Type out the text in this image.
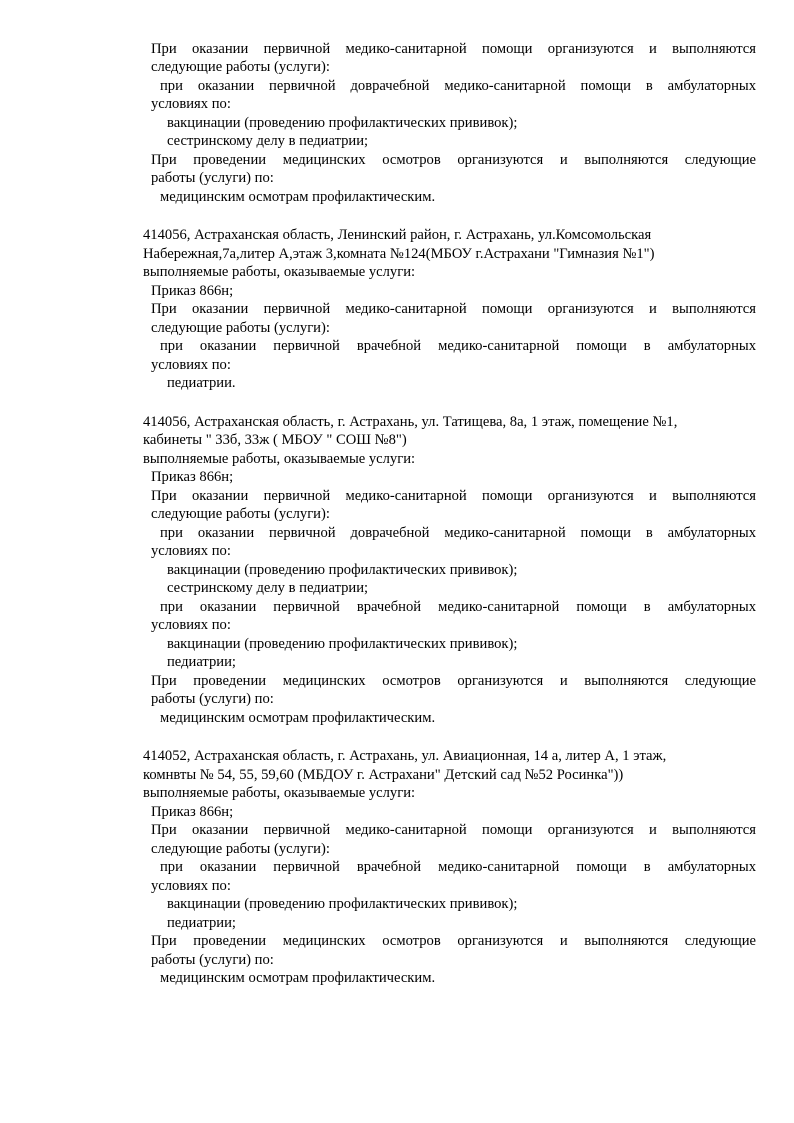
При оказании первичной медико-санитарной помощи организуются и выполняются
следующие работы (услуги):
при оказании первичной доврачебной медико-санитарной помощи в амбулаторных
условиях по:
вакцинации (проведению профилактических прививок);
сестринскому делу в педиатрии;
При проведении медицинских осмотров организуются и выполняются следующие
работы (услуги) по:
медицинским осмотрам профилактическим.
414056, Астраханская область, Ленинский район, г. Астрахань, ул.Комсомольская
Набережная,7а,литер А,этаж 3,комната №124(МБОУ г.Астрахани "Гимназия №1")
выполняемые работы, оказываемые услуги:
Приказ 866н;
При оказании первичной медико-санитарной помощи организуются и выполняются
следующие работы (услуги):
при оказании первичной врачебной медико-санитарной помощи в амбулаторных
условиях по:
педиатрии.
414056, Астраханская область, г. Астрахань, ул. Татищева, 8а, 1 этаж, помещение №1,
кабинеты " 33б, 33ж ( МБОУ " СОШ №8")
выполняемые работы, оказываемые услуги:
Приказ 866н;
При оказании первичной медико-санитарной помощи организуются и выполняются
следующие работы (услуги):
при оказании первичной доврачебной медико-санитарной помощи в амбулаторных
условиях по:
вакцинации (проведению профилактических прививок);
сестринскому делу в педиатрии;
при оказании первичной врачебной медико-санитарной помощи в амбулаторных
условиях по:
вакцинации (проведению профилактических прививок);
педиатрии;
При проведении медицинских осмотров организуются и выполняются следующие
работы (услуги) по:
медицинским осмотрам профилактическим.
414052, Астраханская область, г. Астрахань, ул. Авиационная, 14 а, литер А, 1 этаж,
комнвты № 54, 55, 59,60 (МБДОУ г. Астрахани" Детский сад №52 Росинка"))
выполняемые работы, оказываемые услуги:
Приказ 866н;
При оказании первичной медико-санитарной помощи организуются и выполняются
следующие работы (услуги):
при оказании первичной врачебной медико-санитарной помощи в амбулаторных
условиях по:
вакцинации (проведению профилактических прививок);
педиатрии;
При проведении медицинских осмотров организуются и выполняются следующие
работы (услуги) по:
медицинским осмотрам профилактическим.
